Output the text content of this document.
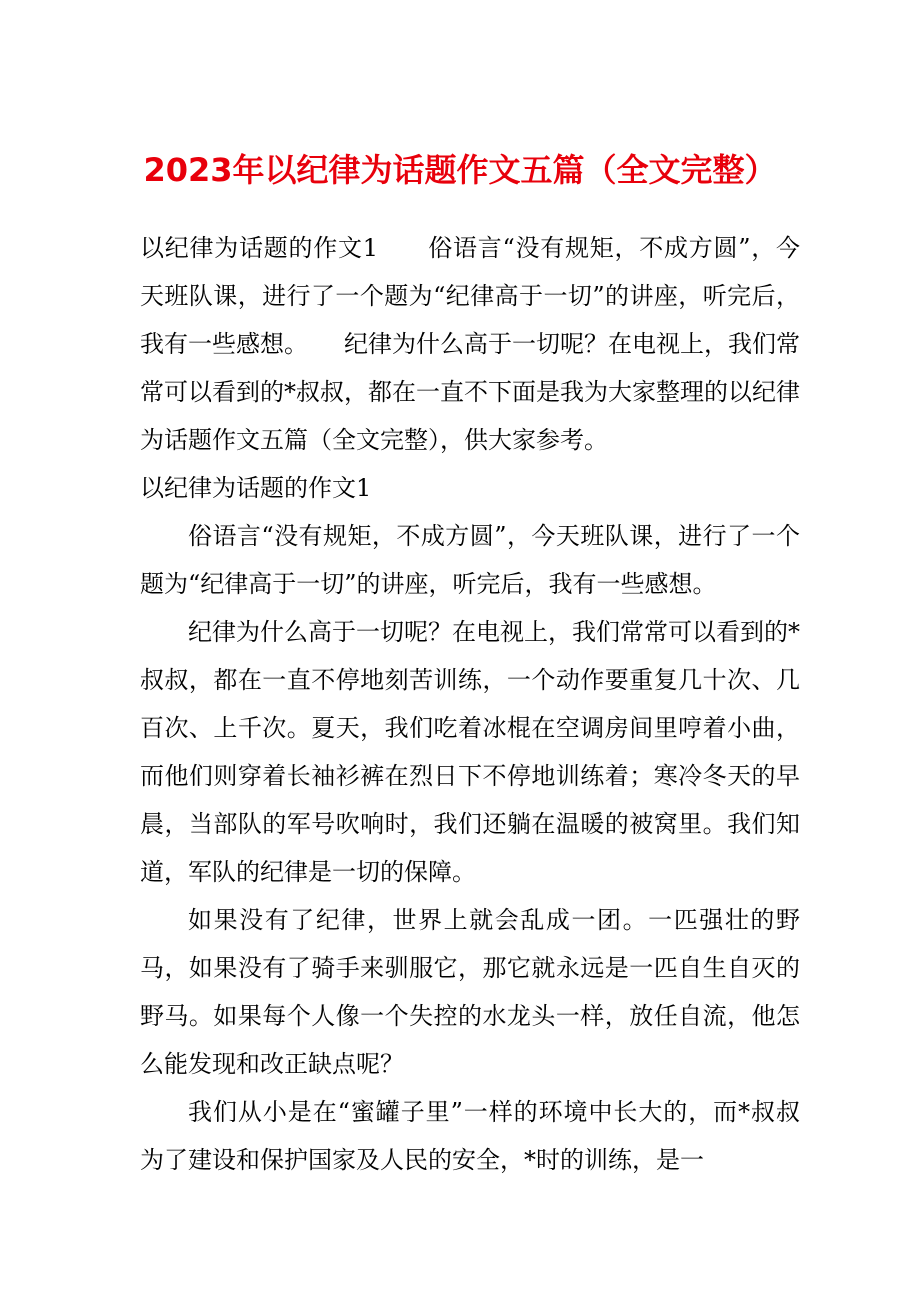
2023年以纪律为话题作文五篇（全文完整）

以纪律为话题的作文1　　俗语言“没有规矩，不成方圆”，今天班队课，进行了一个题为“纪律高于一切”的讲座，听完后，我有一些感想。　　纪律为什么高于一切呢？在电视上，我们常常可以看到的*叔叔，都在一直不下面是我为大家整理的以纪律为话题作文五篇（全文完整），供大家参考。

以纪律为话题的作文1

俗语言“没有规矩，不成方圆”，今天班队课，进行了一个题为“纪律高于一切”的讲座，听完后，我有一些感想。

纪律为什么高于一切呢？在电视上，我们常常可以看到的*叔叔，都在一直不停地刻苦训练，一个动作要重复几十次、几百次、上千次。夏天，我们吃着冰棍在空调房间里哼着小曲，而他们则穿着长袖衫裤在烈日下不停地训练着；寒冷冬天的早晨，当部队的军号吹响时，我们还躺在温暖的被窝里。我们知道，军队的纪律是一切的保障。

如果没有了纪律，世界上就会乱成一团。一匹强壮的野马，如果没有了骑手来驯服它，那它就永远是一匹自生自灭的野马。如果每个人像一个失控的水龙头一样，放任自流，他怎么能发现和改正缺点呢？

我们从小是在“蜜罐子里”一样的环境中长大的，而*叔叔为了建设和保护国家及人民的安全，*时的训练，是一
